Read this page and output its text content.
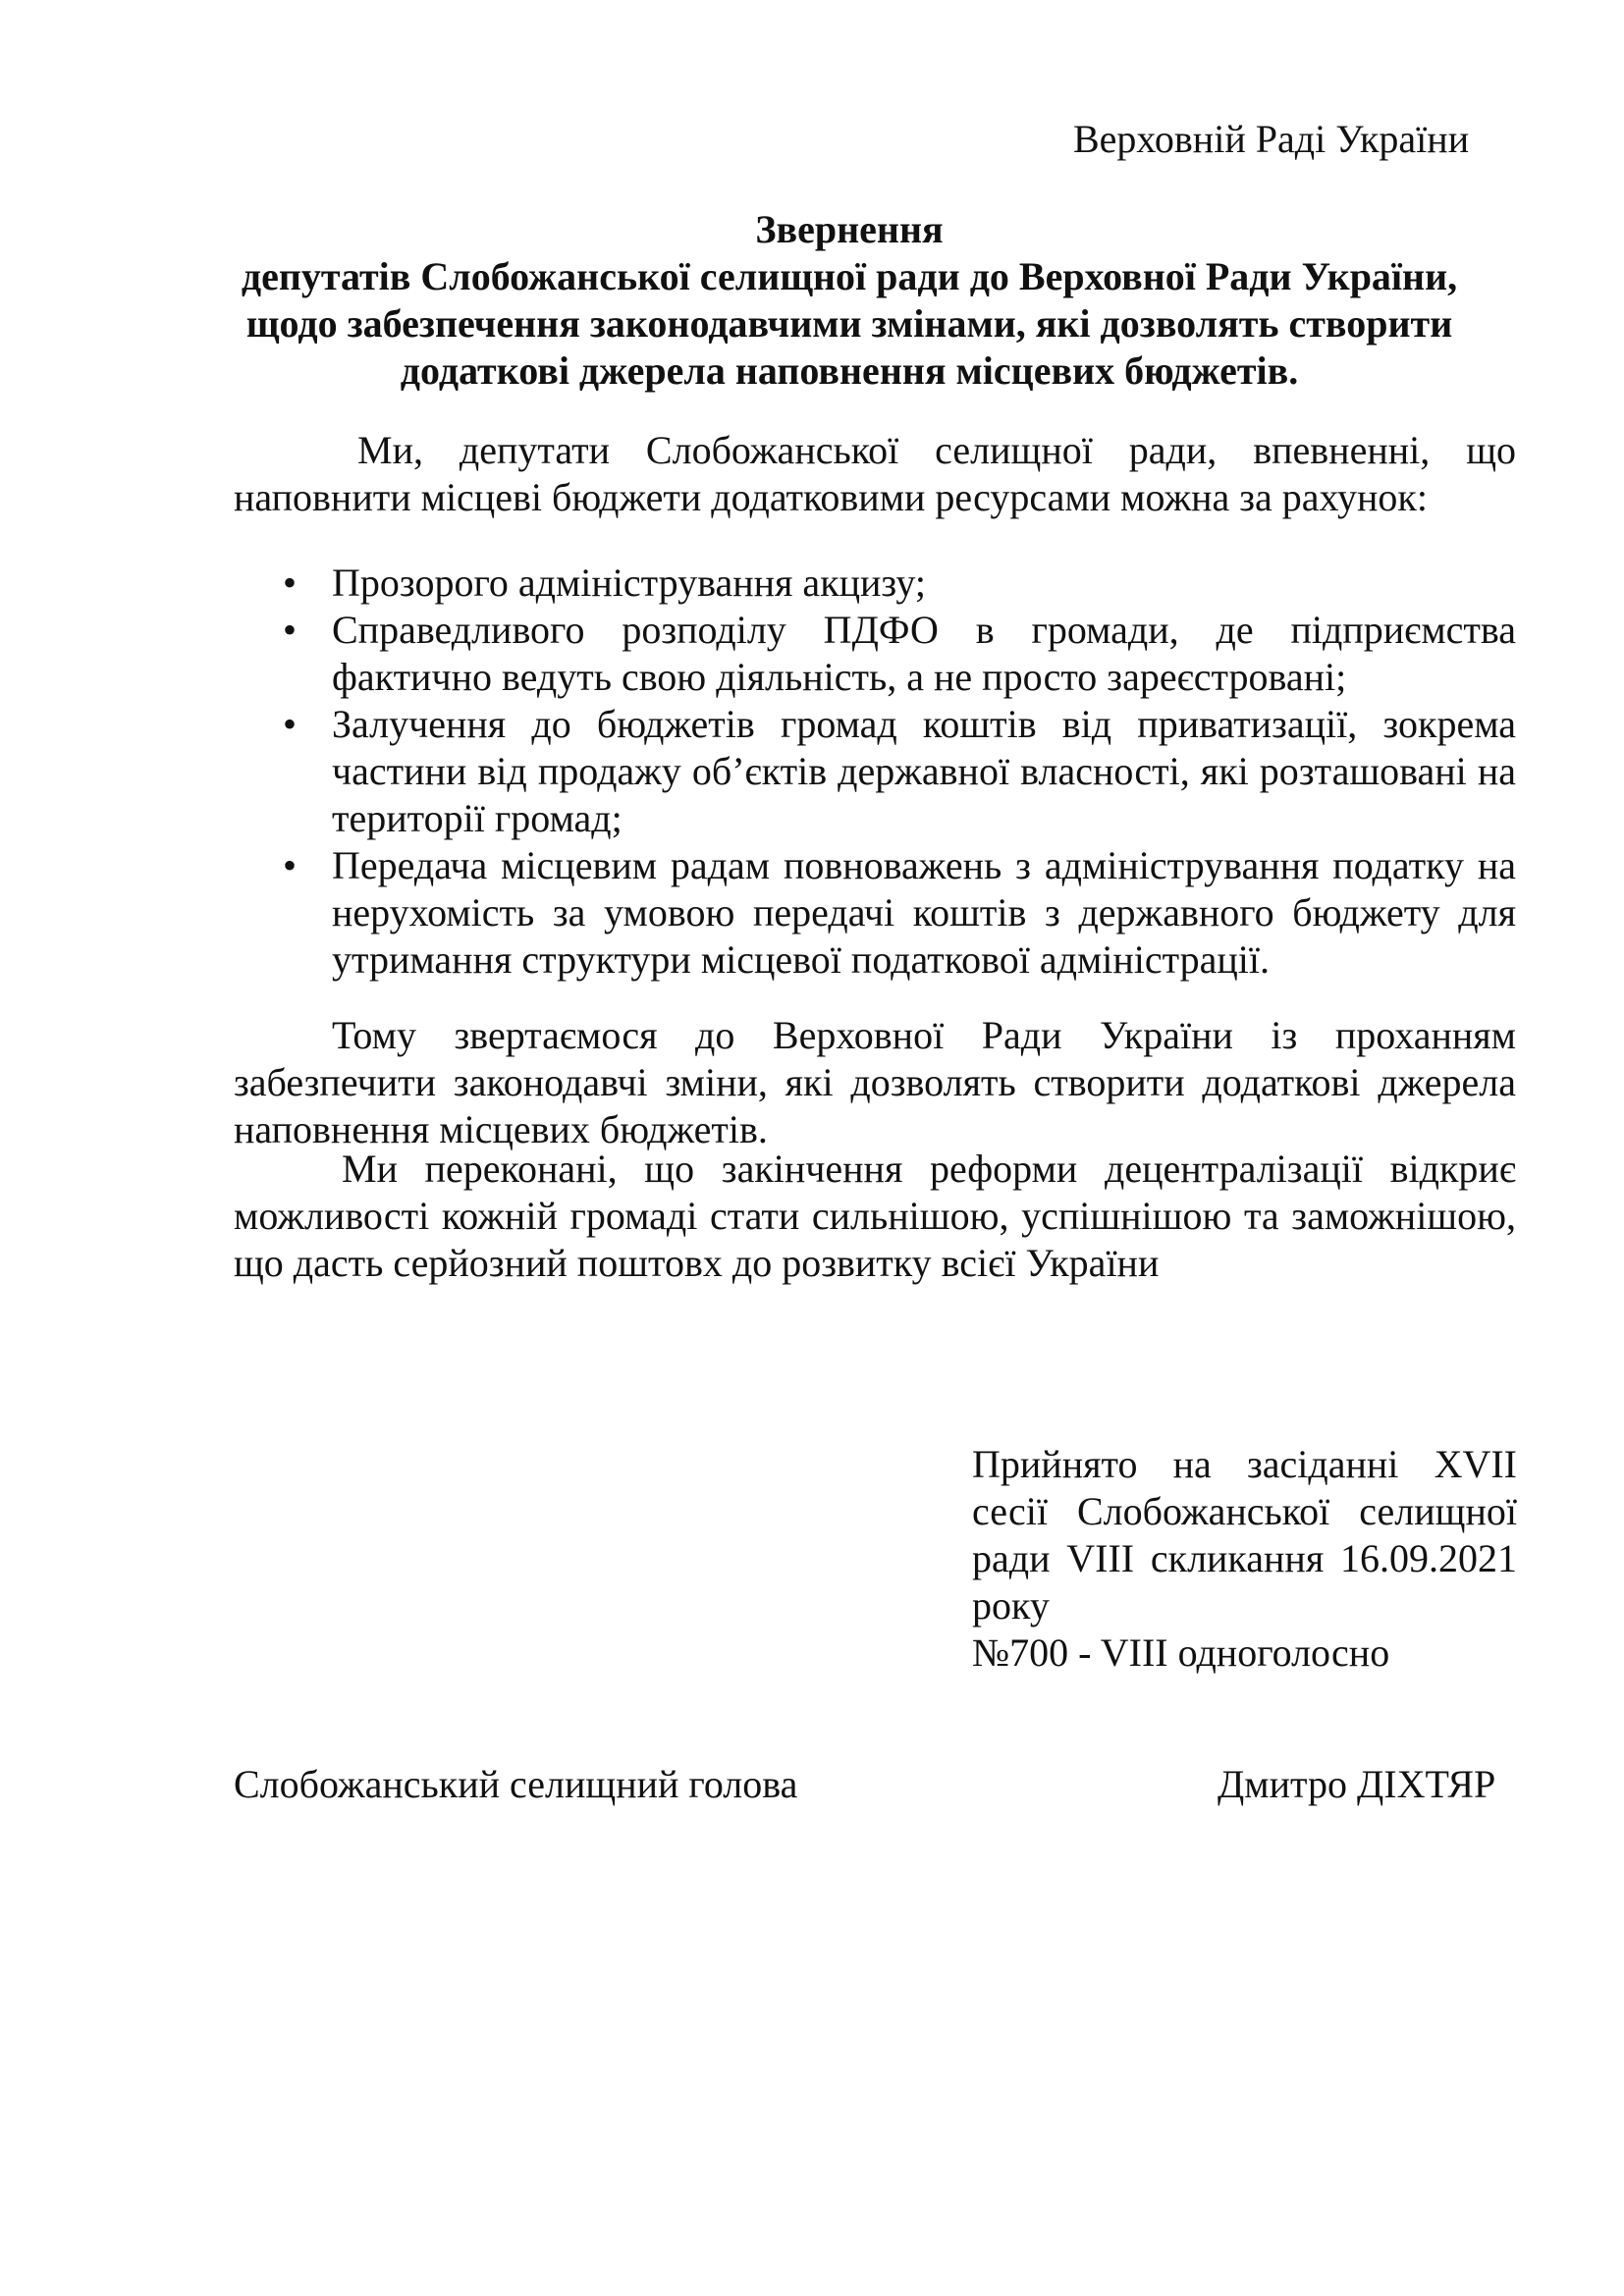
Верховній Раді України
Звернення
депутатів Слобожанської селищної ради до Верховної Ради України,
щодо забезпечення законодавчими змінами, які дозволять створити
додаткові джерела наповнення місцевих бюджетів.
Ми, депутати Слобожанської селищної ради, впевненні, що наповнити місцеві бюджети додатковими ресурсами можна за рахунок:
• Прозорого адміністрування акцизу;
• Справедливого розподілу ПДФО в громади, де підприємства фактично ведуть свою діяльність, а не просто зареєстровані;
• Залучення до бюджетів громад коштів від приватизації, зокрема частини від продажу об’єктів державної власності, які розташовані на території громад;
• Передача місцевим радам повноважень з адміністрування податку на нерухомість за умовою передачі коштів з державного бюджету для утримання структури місцевої податкової адміністрації.
Тому звертаємося до Верховної Ради України із проханням забезпечити законодавчі зміни, які дозволять створити додаткові джерела наповнення місцевих бюджетів.
Ми переконані, що закінчення реформи децентралізації відкриє можливості кожній громаді стати сильнішою, успішнішою та заможнішою, що дасть серйозний поштовх до розвитку всієї України
Прийнято на засіданні XVII сесії Слобожанської селищної ради VIII скликання 16.09.2021 року
№700 - VIII одноголосно
Слобожанський селищний голова	Дмитро ДІХТЯР
